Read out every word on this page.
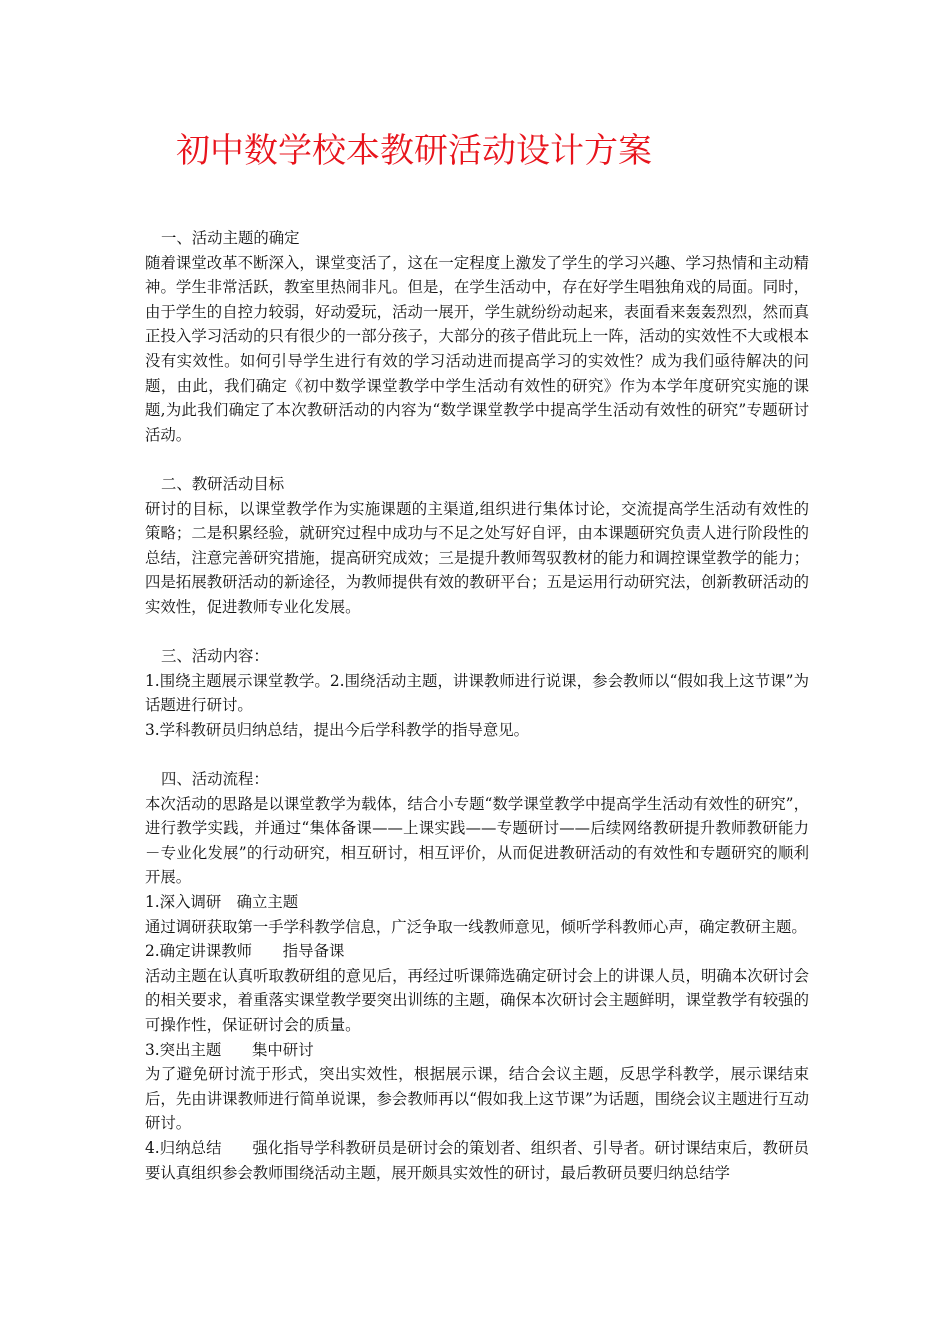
初中数学校本教研活动设计方案

一、活动主题的确定

随着课堂改革不断深入，课堂变活了，这在一定程度上激发了学生的学习兴趣、学习热情和主动精神。学生非常活跃，教室里热闹非凡。但是，在学生活动中，存在好学生唱独角戏的局面。同时，由于学生的自控力较弱，好动爱玩，活动一展开，学生就纷纷动起来，表面看来轰轰烈烈，然而真正投入学习活动的只有很少的一部分孩子，大部分的孩子借此玩上一阵，活动的实效性不大或根本没有实效性。如何引导学生进行有效的学习活动进而提高学习的实效性？成为我们亟待解决的问题，由此，我们确定《初中数学课堂教学中学生活动有效性的研究》作为本学年度研究实施的课题,为此我们确定了本次教研活动的内容为“数学课堂教学中提高学生活动有效性的研究”专题研讨活动。

二、教研活动目标

研讨的目标，以课堂教学作为实施课题的主渠道,组织进行集体讨论，交流提高学生活动有效性的策略；二是积累经验，就研究过程中成功与不足之处写好自评，由本课题研究负责人进行阶段性的总结，注意完善研究措施，提高研究成效；三是提升教师驾驭教材的能力和调控课堂教学的能力；四是拓展教研活动的新途径，为教师提供有效的教研平台；五是运用行动研究法，创新教研活动的实效性，促进教师专业化发展。

三、活动内容：

1.围绕主题展示课堂教学。2.围绕活动主题，讲课教师进行说课，参会教师以“假如我上这节课”为话题进行研讨。

3.学科教研员归纳总结，提出今后学科教学的指导意见。

四、活动流程：

本次活动的思路是以课堂教学为载体，结合小专题“数学课堂教学中提高学生活动有效性的研究”，进行教学实践，并通过“集体备课——上课实践——专题研讨——后续网络教研提升教师教研能力－专业化发展”的行动研究，相互研讨，相互评价，从而促进教研活动的有效性和专题研究的顺利开展。

1.深入调研　确立主题

通过调研获取第一手学科教学信息，广泛争取一线教师意见，倾听学科教师心声，确定教研主题。

2.确定讲课教师　　指导备课

活动主题在认真听取教研组的意见后，再经过听课筛选确定研讨会上的讲课人员，明确本次研讨会的相关要求，着重落实课堂教学要突出训练的主题，确保本次研讨会主题鲜明，课堂教学有较强的可操作性，保证研讨会的质量。

3.突出主题　　集中研讨

为了避免研讨流于形式，突出实效性，根据展示课，结合会议主题，反思学科教学，展示课结束后，先由讲课教师进行简单说课，参会教师再以“假如我上这节课”为话题，围绕会议主题进行互动研讨。

4.归纳总结　　强化指导学科教研员是研讨会的策划者、组织者、引导者。研讨课结束后，教研员要认真组织参会教师围绕活动主题，展开颇具实效性的研讨，最后教研员要归纳总结学
